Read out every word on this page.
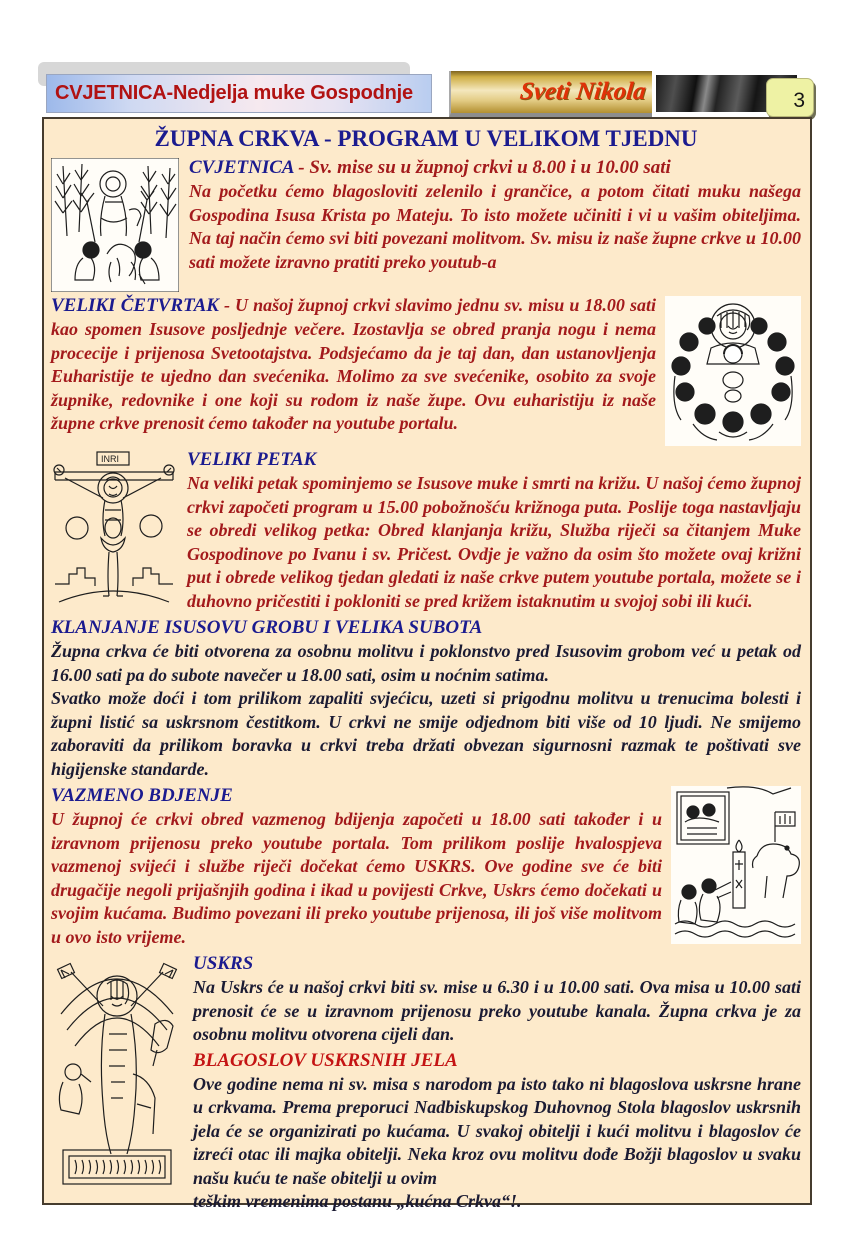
CVJETNICA-Nedjelja muke Gospodnje	Sveti Nikola	3
ŽUPNA CRKVA - PROGRAM U VELIKOM TJEDNU
CVJETNICA - Sv. mise su u župnoj crkvi u 8.00 i u 10.00 sati

Na početku ćemo blagosloviti zelenilo i grančice, a potom čitati muku našega Gospodina Isusa Krista po Mateju. To isto možete učiniti i vi u vašim obiteljima. Na taj način ćemo svi biti povezani molitvom. Sv. misu iz naše župne crkve u 10.00 sati možete izravno pratiti preko youtub-a

VELIKI ČETVRTAK - U našoj župnoj crkvi slavimo jednu sv. misu u 18.00 sati kao spomen Isusove posljednje večere. Izostavlja se obred pranja nogu i nema procecije i prijenosa Svetootajstva. Podsjećamo da je taj dan, dan ustanovljenja Euharistije te ujedno dan svećenika. Molimo za sve svećenike, osobito za svoje župnike, redovnike i one koji su rodom iz naše župe. Ovu euharistiju iz naše župne crkve prenosit ćemo također na youtube portalu.

INRI	VELIKI PETAK

Na veliki petak spominjemo se Isusove muke i smrti na križu. U našoj ćemo župnoj crkvi započeti program u 15.00 pobožnošću križnoga puta. Poslije toga nastavljaju se obredi velikog petka: Obred klanjanja križu, Služba riječi sa čitanjem Muke Gospodinove po Ivanu i sv. Pričest. Ovdje je važno da osim što možete ovaj križni put i obrede velikog tjedan gledati iz naše crkve putem youtube portala, možete se i duhovno pričestiti i pokloniti se pred križem istaknutim u svojoj sobi ili kući.

KLANJANJE ISUSOVU GROBU I VELIKA SUBOTA

Župna crkva će biti otvorena za osobnu molitvu i poklonstvo pred Isusovim grobom već u petak od 16.00 sati pa do subote navečer u 18.00 sati, osim u noćnim satima.

Svatko može doći i tom prilikom zapaliti svjećicu, uzeti si prigodnu molitvu u trenucima bolesti i župni listić sa uskrsnom čestitkom. U crkvi ne smije odjednom biti više od 10 ljudi. Ne smijemo zaboraviti da prilikom boravka u crkvi treba držati obvezan sigurnosni razmak te poštivati sve higijenske standarde.

VAZMENO BDJENJE

U župnoj će crkvi obred vazmenog bdijenja započeti u 18.00 sati također i u izravnom prijenosu preko youtube portala. Tom prilikom poslije hvalospjeva vazmenoj svijeći i službe riječi dočekat ćemo USKRS. Ove godine sve će biti drugačije negoli prijašnjih godina i ikad u povijesti Crkve, Uskrs ćemo dočekati u svojim kućama. Budimo povezani ili preko youtube prijenosa, ili još više molitvom u ovo isto vrijeme.

USKRS

Na Uskrs će u našoj crkvi biti sv. mise u 6.30 i u 10.00 sati. Ova misa u 10.00 sati prenosit će se u izravnom prijenosu preko youtube kanala. Župna crkva je za osobnu molitvu otvorena cijeli dan.

BLAGOSLOV USKRSNIH JELA

Ove godine nema ni sv. misa s narodom pa isto tako ni blagoslova uskrsne hrane u crkvama. Prema preporuci Nadbiskupskog Duhovnog Stola blagoslov uskrsnih jela će se organizirati po kućama. U svakoj obitelji i kući molitvu i blagoslov će izreći otac ili majka obitelji. Neka kroz ovu molitvu dođe Božji blagoslov u svaku našu kuću te naše obitelji u ovim

teškim vremenima postanu „kućna Crkva“!.
